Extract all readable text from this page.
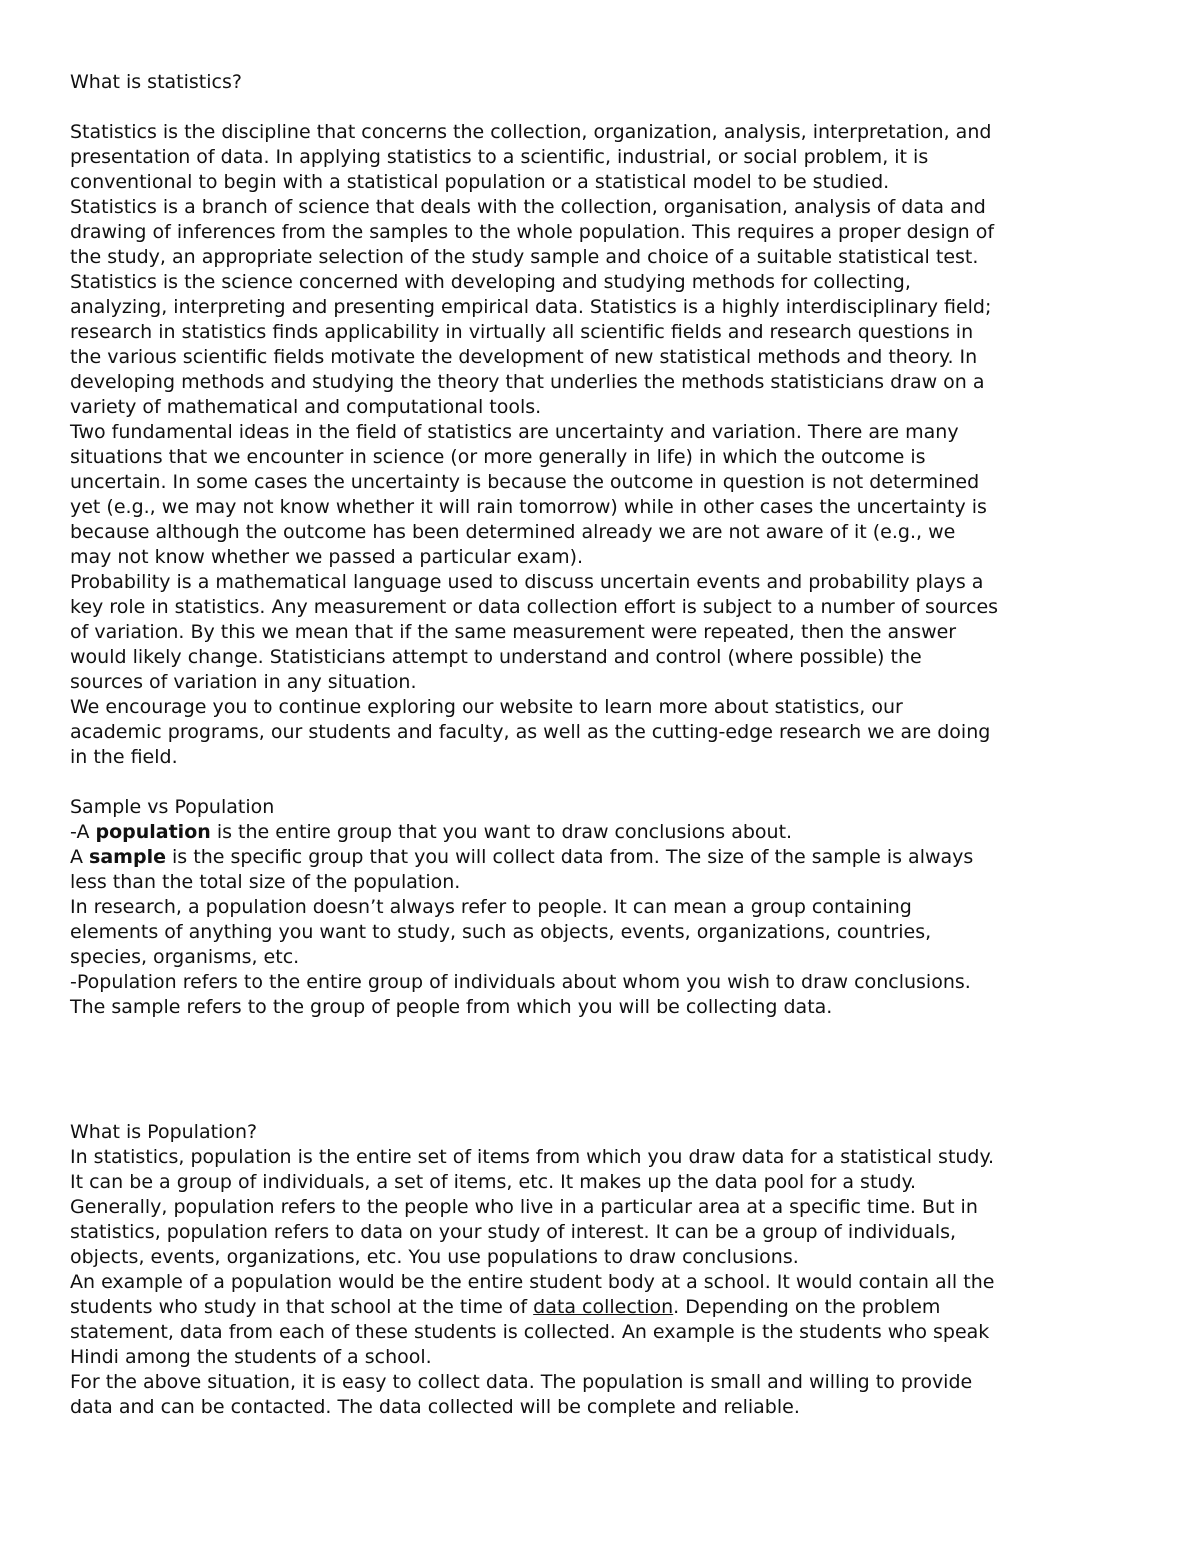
What is statistics?
Statistics is the discipline that concerns the collection, organization, analysis, interpretation, and
presentation of data. In applying statistics to a scientific, industrial, or social problem, it is
conventional to begin with a statistical population or a statistical model to be studied.
Statistics is a branch of science that deals with the collection, organisation, analysis of data and
drawing of inferences from the samples to the whole population. This requires a proper design of
the study, an appropriate selection of the study sample and choice of a suitable statistical test.
Statistics is the science concerned with developing and studying methods for collecting,
analyzing, interpreting and presenting empirical data. Statistics is a highly interdisciplinary field;
research in statistics finds applicability in virtually all scientific fields and research questions in
the various scientific fields motivate the development of new statistical methods and theory. In
developing methods and studying the theory that underlies the methods statisticians draw on a
variety of mathematical and computational tools.
Two fundamental ideas in the field of statistics are uncertainty and variation. There are many
situations that we encounter in science (or more generally in life) in which the outcome is
uncertain. In some cases the uncertainty is because the outcome in question is not determined
yet (e.g., we may not know whether it will rain tomorrow) while in other cases the uncertainty is
because although the outcome has been determined already we are not aware of it (e.g., we
may not know whether we passed a particular exam).
Probability is a mathematical language used to discuss uncertain events and probability plays a
key role in statistics. Any measurement or data collection effort is subject to a number of sources
of variation. By this we mean that if the same measurement were repeated, then the answer
would likely change. Statisticians attempt to understand and control (where possible) the
sources of variation in any situation.
We encourage you to continue exploring our website to learn more about statistics, our
academic programs, our students and faculty, as well as the cutting-edge research we are doing
in the field.
Sample vs Population
-A population is the entire group that you want to draw conclusions about.
A sample is the specific group that you will collect data from. The size of the sample is always
less than the total size of the population.
In research, a population doesn’t always refer to people. It can mean a group containing
elements of anything you want to study, such as objects, events, organizations, countries,
species, organisms, etc.
-Population refers to the entire group of individuals about whom you wish to draw conclusions.
The sample refers to the group of people from which you will be collecting data.
What is Population?
In statistics, population is the entire set of items from which you draw data for a statistical study.
It can be a group of individuals, a set of items, etc. It makes up the data pool for a study.
Generally, population refers to the people who live in a particular area at a specific time. But in
statistics, population refers to data on your study of interest. It can be a group of individuals,
objects, events, organizations, etc. You use populations to draw conclusions.
An example of a population would be the entire student body at a school. It would contain all the
students who study in that school at the time of data collection. Depending on the problem
statement, data from each of these students is collected. An example is the students who speak
Hindi among the students of a school.
For the above situation, it is easy to collect data. The population is small and willing to provide
data and can be contacted. The data collected will be complete and reliable.
